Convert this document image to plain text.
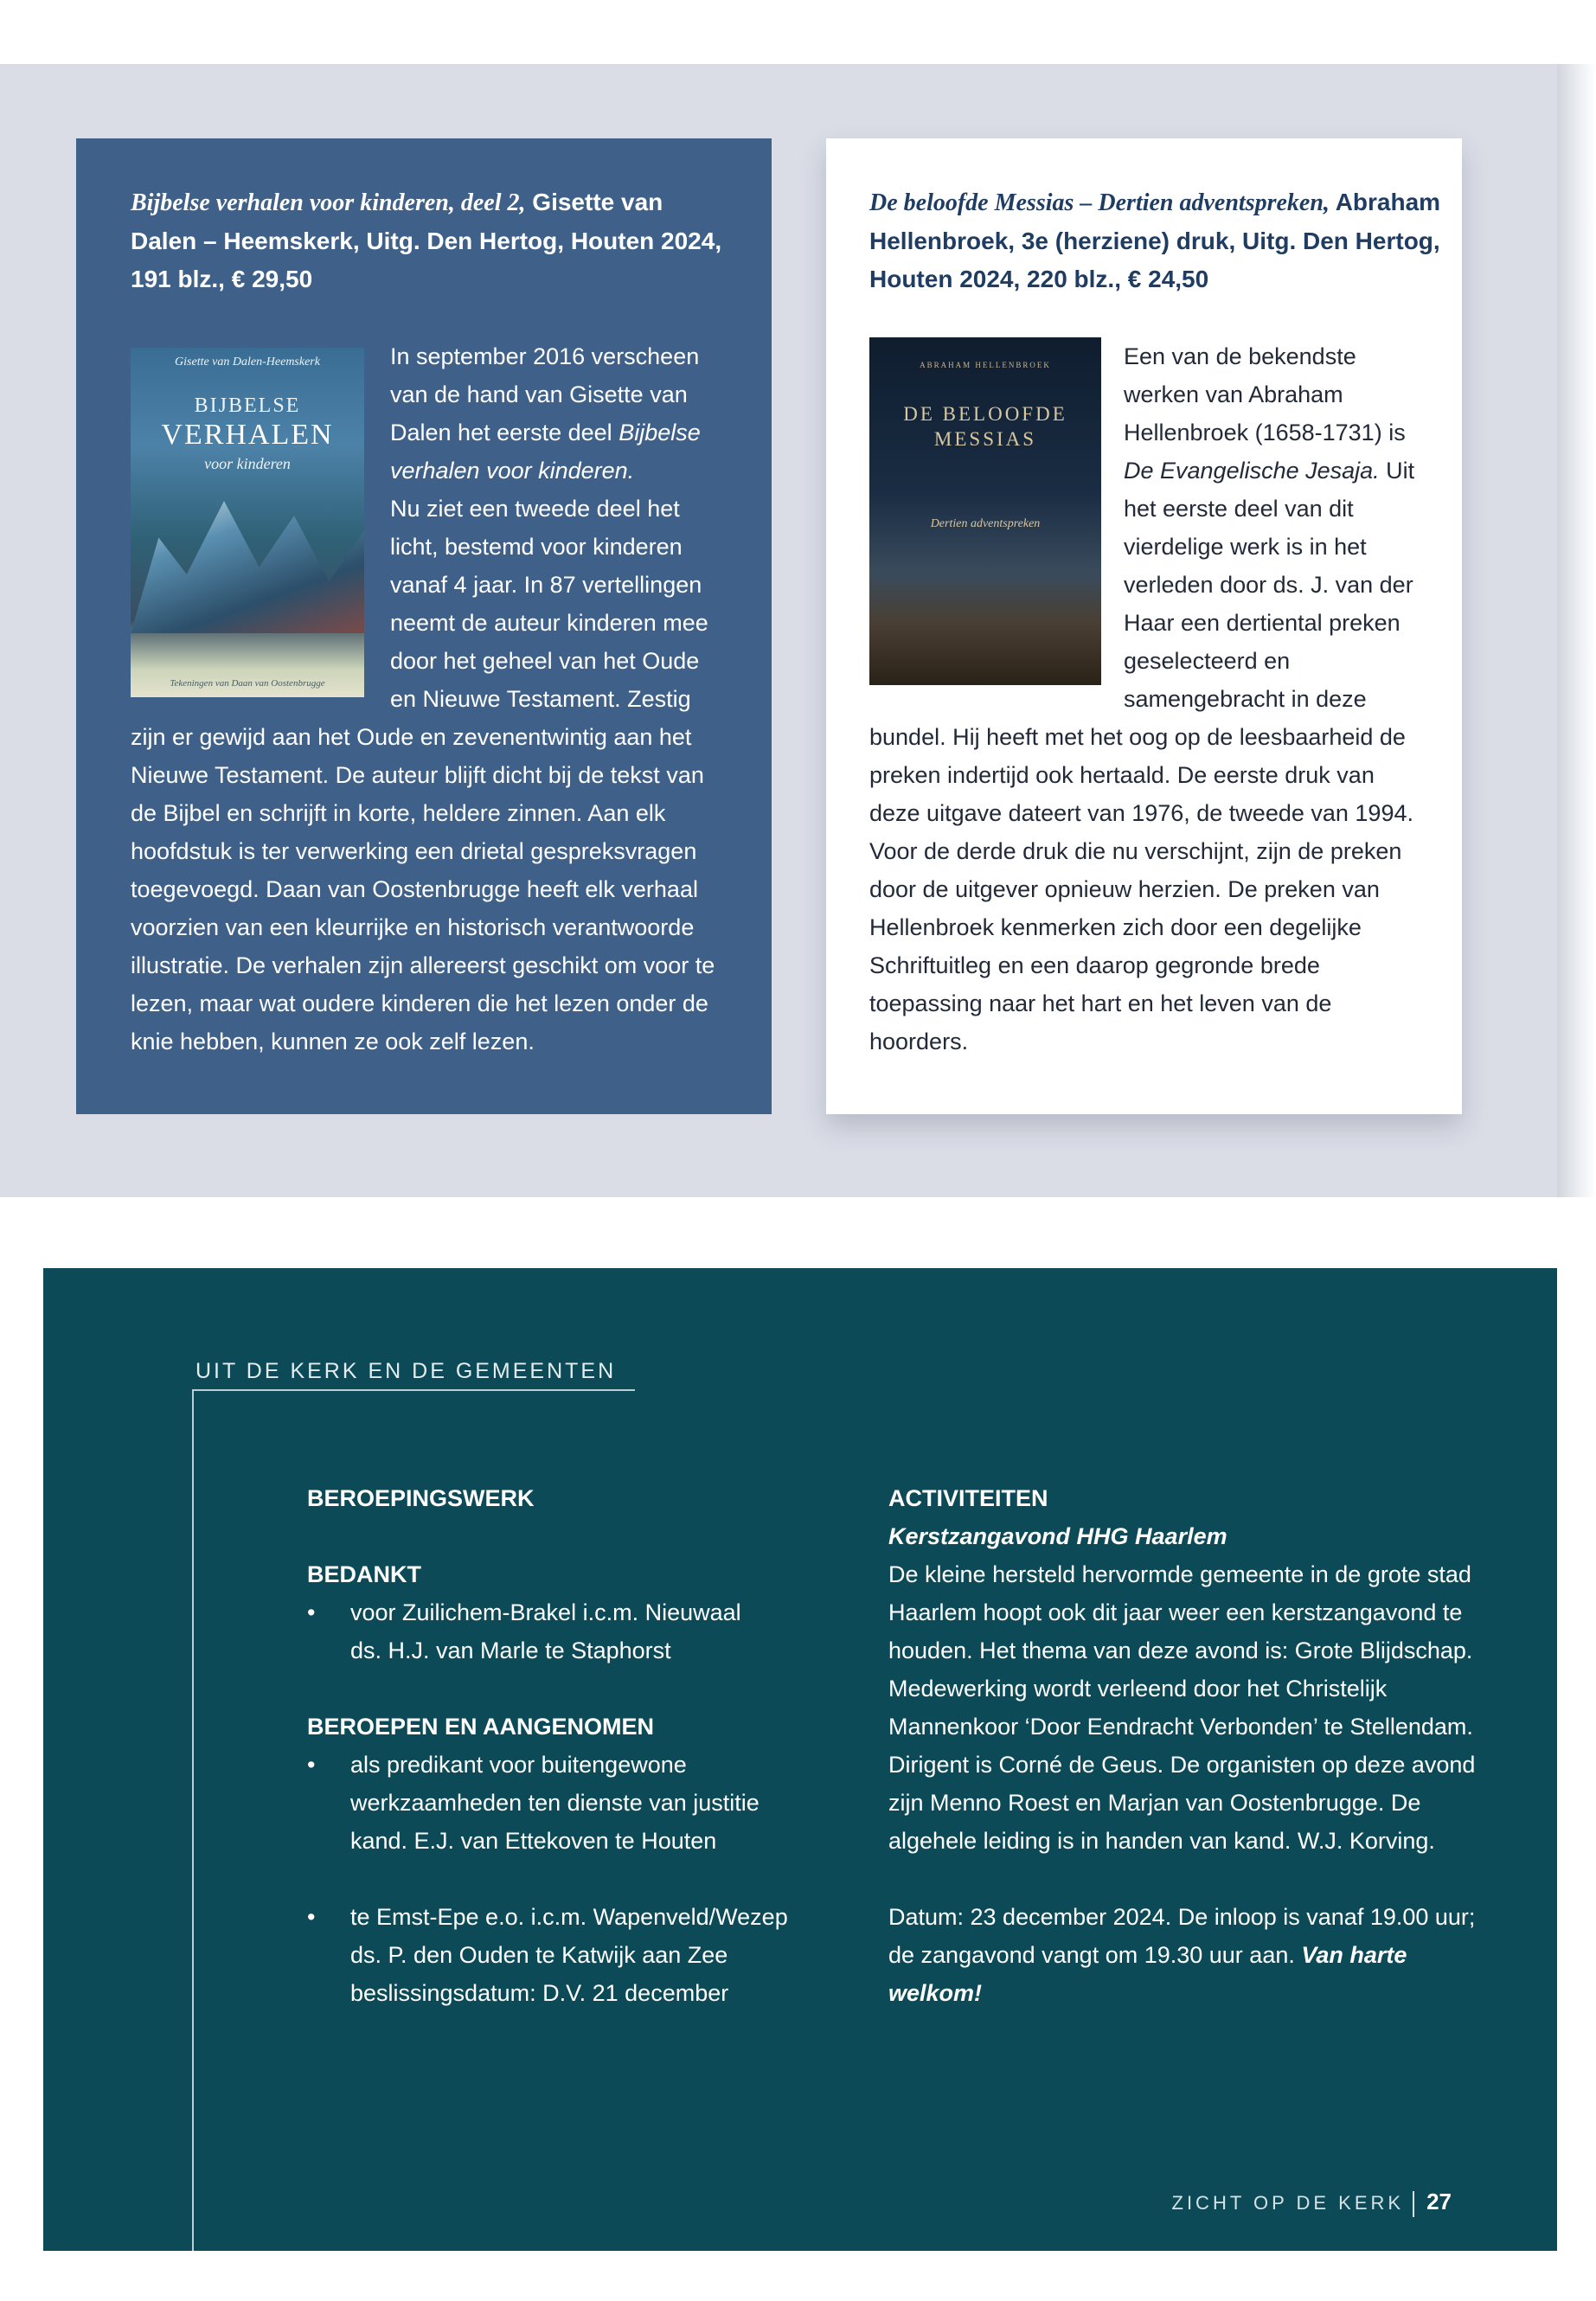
Bijbelse verhalen voor kinderen, deel 2, Gisette van Dalen – Heemskerk, Uitg. Den Hertog, Houten 2024, 191 blz., € 29,50
Gisette van Dalen-Heemskerk
BIJBELSE
VERHALEN
voor kinderen
Tekeningen van Daan van Oostenbrugge
In september 2016 verscheen van de hand van Gisette van Dalen het eerste deel Bijbelse verhalen voor kinderen.
Nu ziet een tweede deel het licht, bestemd voor kinderen vanaf 4 jaar. In 87 vertellingen neemt de auteur kinderen mee door het geheel van het Oude en Nieuwe Testament. Zestig zijn er gewijd aan het Oude en zevenentwintig aan het Nieuwe Testament. De auteur blijft dicht bij de tekst van de Bijbel en schrijft in korte, heldere zinnen. Aan elk hoofdstuk is ter verwerking een drietal gespreksvragen toegevoegd. Daan van Oostenbrugge heeft elk verhaal voorzien van een kleurrijke en historisch verantwoorde illustratie. De verhalen zijn allereerst geschikt om voor te lezen, maar wat oudere kinderen die het lezen onder de knie hebben, kunnen ze ook zelf lezen.
De beloofde Messias – Dertien adventspreken, Abraham Hellenbroek, 3e (herziene) druk, Uitg. Den Hertog, Houten 2024, 220 blz., € 24,50
ABRAHAM HELLENBROEK
DE BELOOFDE MESSIAS
Dertien adventspreken
Een van de bekendste werken van Abraham Hellenbroek (1658-1731) is De Evangelische Jesaja. Uit het eerste deel van dit vierdelige werk is in het verleden door ds. J. van der Haar een dertiental preken geselecteerd en samengebracht in deze bundel. Hij heeft met het oog op de leesbaarheid de preken indertijd ook hertaald. De eerste druk van deze uitgave dateert van 1976, de tweede van 1994. Voor de derde druk die nu verschijnt, zijn de preken door de uitgever opnieuw herzien. De preken van Hellenbroek kenmerken zich door een degelijke Schriftuitleg en een daarop gegronde brede toepassing naar het hart en het leven van de hoorders.
UIT DE KERK EN DE GEMEENTEN
BEROEPINGSWERK
BEDANKT
• voor Zuilichem-Brakel i.c.m. Nieuwaal
ds. H.J. van Marle te Staphorst
BEROEPEN EN AANGENOMEN
• als predikant voor buitengewone
werkzaamheden ten dienste van justitie
kand. E.J. van Ettekoven te Houten
• te Emst-Epe e.o. i.c.m. Wapenveld/Wezep
ds. P. den Ouden te Katwijk aan Zee
beslissingsdatum: D.V. 21 december
ACTIVITEITEN
Kerstzangavond HHG Haarlem
De kleine hersteld hervormde gemeente in de grote stad Haarlem hoopt ook dit jaar weer een kerstzangavond te houden. Het thema van deze avond is: Grote Blijdschap. Medewerking wordt verleend door het Christelijk Mannenkoor ‘Door Eendracht Verbonden’ te Stellendam. Dirigent is Corné de Geus. De organisten op deze avond zijn Menno Roest en Marjan van Oostenbrugge. De algehele leiding is in handen van kand. W.J. Korving.
Datum: 23 december 2024. De inloop is vanaf 19.00 uur; de zangavond vangt om 19.30 uur aan. Van harte welkom!
ZICHT OP DE KERK 27
